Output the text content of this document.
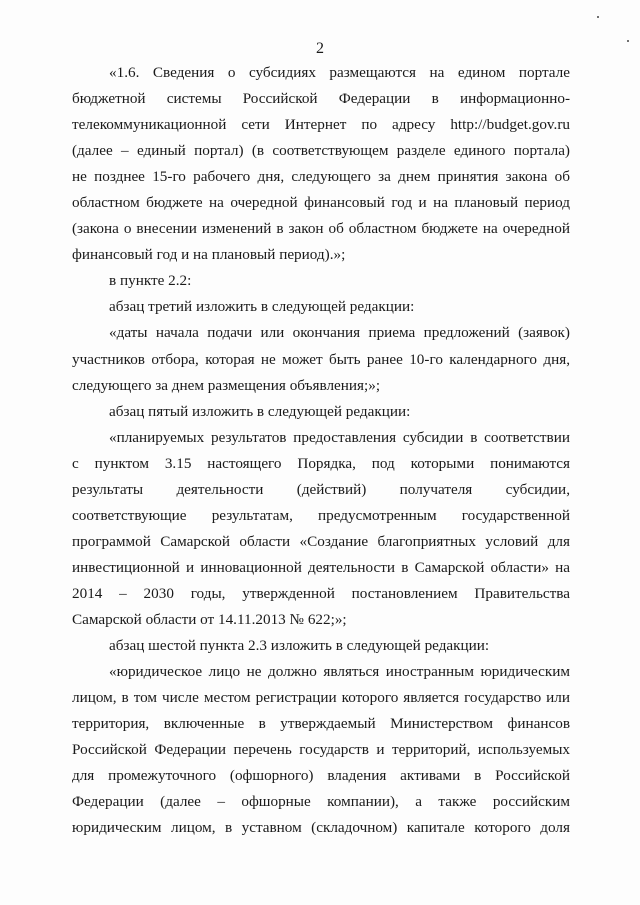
2
«1.6. Сведения о субсидиях размещаются на едином портале
бюджетной системы Российской Федерации в информационно-
телекоммуникационной сети Интернет по адресу http://budget.gov.ru
(далее – единый портал) (в соответствующем разделе единого портала)
не позднее 15-го рабочего дня, следующего за днем принятия закона об
областном бюджете на очередной финансовый год и на плановый период
(закона о внесении изменений в закон об областном бюджете на очередной
финансовый год и на плановый период).»;
в пункте 2.2:
абзац третий изложить в следующей редакции:
«даты начала подачи или окончания приема предложений (заявок)
участников отбора, которая не может быть ранее 10-го календарного дня,
следующего за днем размещения объявления;»;
абзац пятый изложить в следующей редакции:
«планируемых результатов предоставления субсидии в соответствии
с пунктом 3.15 настоящего Порядка, под которыми понимаются
результаты деятельности (действий) получателя субсидии,
соответствующие результатам, предусмотренным государственной
программой Самарской области «Создание благоприятных условий для
инвестиционной и инновационной деятельности в Самарской области» на
2014 – 2030 годы, утвержденной постановлением Правительства
Самарской области от 14.11.2013 № 622;»;
абзац шестой пункта 2.3 изложить в следующей редакции:
«юридическое лицо не должно являться иностранным юридическим
лицом, в том числе местом регистрации которого является государство или
территория, включенные в утверждаемый Министерством финансов
Российской Федерации перечень государств и территорий, используемых
для промежуточного (офшорного) владения активами в Российской
Федерации (далее – офшорные компании), а также российским
юридическим лицом, в уставном (складочном) капитале которого доля
